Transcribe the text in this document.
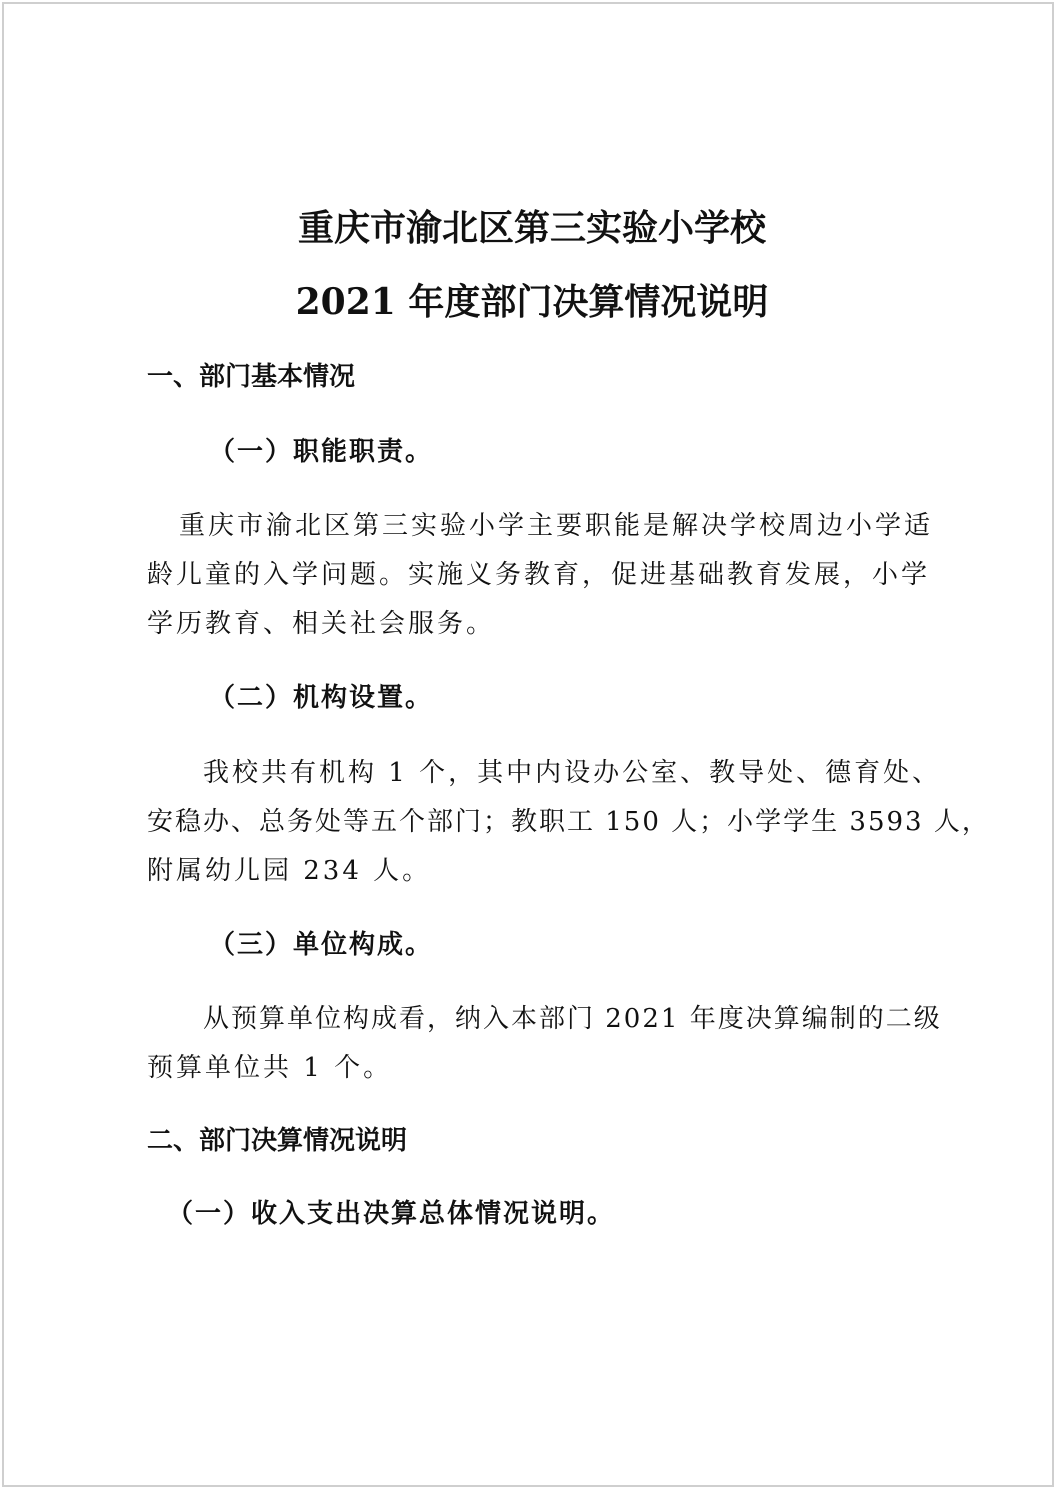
重庆市渝北区第三实验小学校
2021 年度部门决算情况说明
一、部门基本情况
（一）职能职责。
重庆市渝北区第三实验小学主要职能是解决学校周边小学适
龄儿童的入学问题。实施义务教育，促进基础教育发展，小学
学历教育、相关社会服务。
（二）机构设置。
我校共有机构 1 个，其中内设办公室、教导处、德育处、
安稳办、总务处等五个部门；教职工 150 人；小学学生 3593 人，
附属幼儿园 234 人。
（三）单位构成。
从预算单位构成看，纳入本部门 2021 年度决算编制的二级
预算单位共 1 个。
二、部门决算情况说明
（一）收入支出决算总体情况说明。
